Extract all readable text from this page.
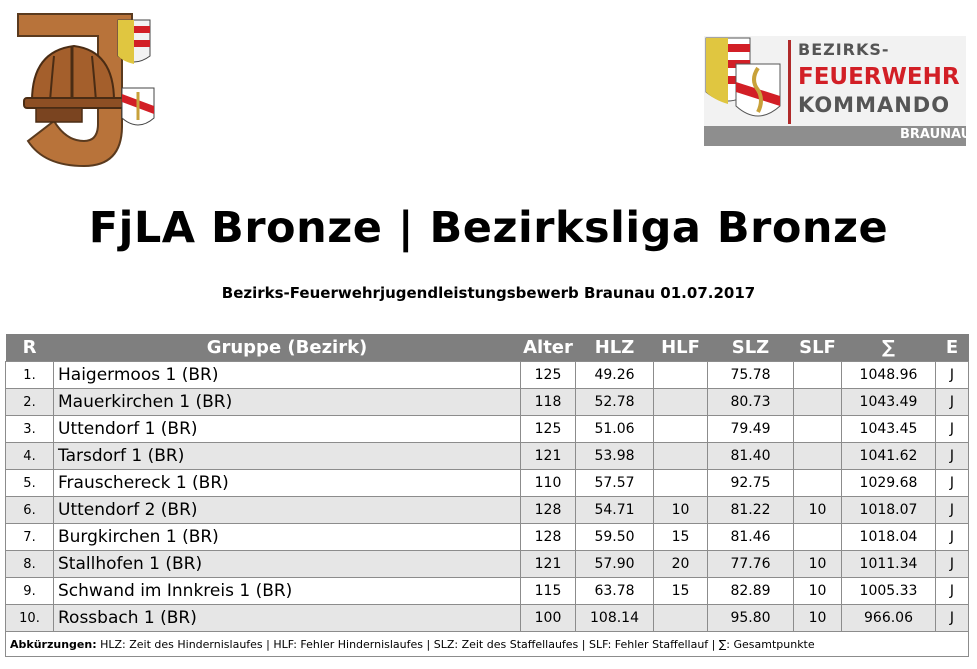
BEZIRKS-
FEUERWEHR
KOMMANDO
BRAUNAU
FjLA Bronze | Bezirksliga Bronze
Bezirks-Feuerwehrjugendleistungsbewerb Braunau 01.07.2017
R	Gruppe (Bezirk)	Alter	HLZ	HLF	SLZ	SLF	∑	E
1.	Haigermoos 1 (BR)	125	49.26		75.78		1048.96	J
2.	Mauerkirchen 1 (BR)	118	52.78		80.73		1043.49	J
3.	Uttendorf 1 (BR)	125	51.06		79.49		1043.45	J
4.	Tarsdorf 1 (BR)	121	53.98		81.40		1041.62	J
5.	Frauschereck 1 (BR)	110	57.57		92.75		1029.68	J
6.	Uttendorf 2 (BR)	128	54.71	10	81.22	10	1018.07	J
7.	Burgkirchen 1 (BR)	128	59.50	15	81.46		1018.04	J
8.	Stallhofen 1 (BR)	121	57.90	20	77.76	10	1011.34	J
9.	Schwand im Innkreis 1 (BR)	115	63.78	15	82.89	10	1005.33	J
10.	Rossbach 1 (BR)	100	108.14		95.80	10	966.06	J
Abkürzungen: HLZ: Zeit des Hindernislaufes | HLF: Fehler Hindernislaufes | SLZ: Zeit des Staffellaufes | SLF: Fehler Staffellauf | ∑: Gesamtpunkte								
